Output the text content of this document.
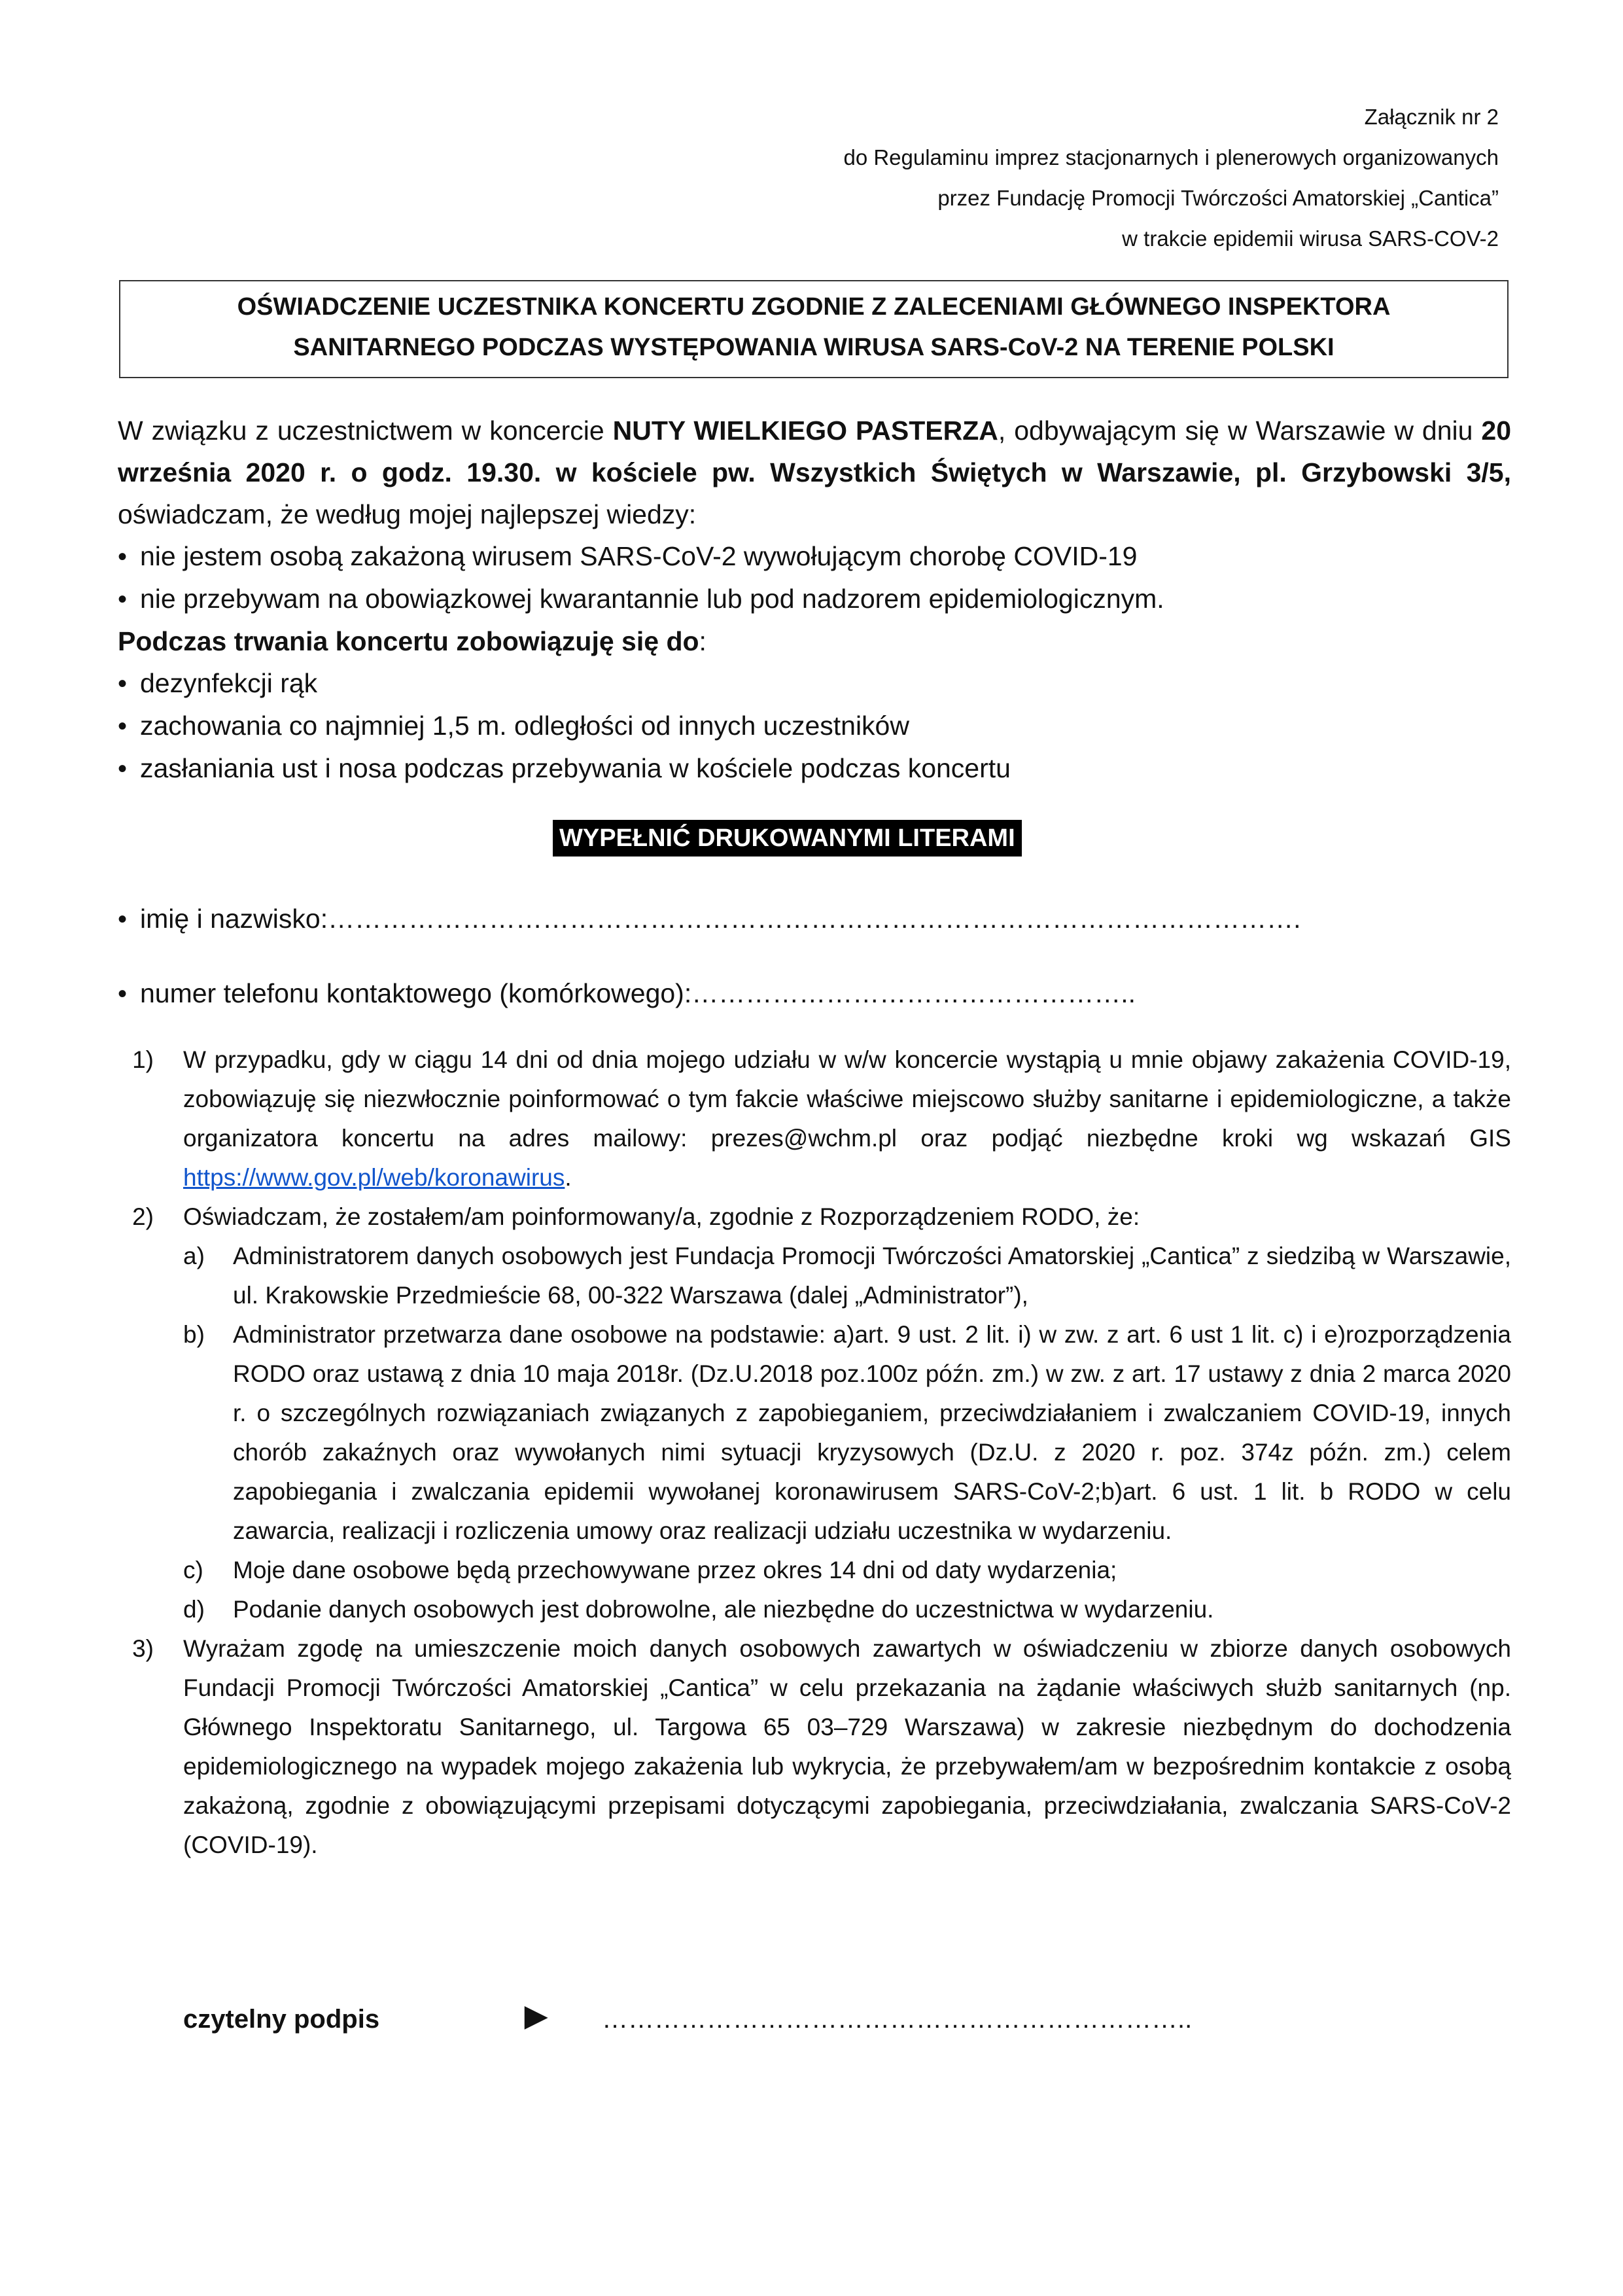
Załącznik nr 2
do Regulaminu imprez stacjonarnych i plenerowych organizowanych
przez Fundację Promocji Twórczości Amatorskiej „Cantica”
w trakcie epidemii wirusa SARS-COV-2
OŚWIADCZENIE UCZESTNIKA KONCERTU ZGODNIE Z ZALECENIAMI GŁÓWNEGO INSPEKTORA
SANITARNEGO PODCZAS WYSTĘPOWANIA WIRUSA SARS-CoV-2 NA TERENIE POLSKI

W związku z uczestnictwem w koncercie NUTY WIELKIEGO PASTERZA, odbywającym się w Warszawie w dniu 20 września 2020 r. o godz. 19.30. w kościele pw. Wszystkich Świętych w Warszawie, pl. Grzybowski 3/5, oświadczam, że według mojej najlepszej wiedzy:

• nie jestem osobą zakażoną wirusem SARS-CoV-2 wywołującym chorobę COVID-19
• nie przebywam na obowiązkowej kwarantannie lub pod nadzorem epidemiologicznym.
Podczas trwania koncertu zobowiązuję się do:
• dezynfekcji rąk
• zachowania co najmniej 1,5 m. odległości od innych uczestników
• zasłaniania ust i nosa podczas przebywania w kościele podczas koncertu
WYPEŁNIĆ DRUKOWANYMI LITERAMI
• imię i nazwisko:……………………………………………………………………………………………….
• numer telefonu kontaktowego (komórkowego):…………………………………………..
1)	W przypadku, gdy w ciągu 14 dni od dnia mojego udziału w w/w koncercie wystąpią u mnie objawy zakażenia COVID-19, zobowiązuję się niezwłocznie poinformować o tym fakcie właściwe miejscowo służby sanitarne i epidemiologiczne, a także organizatora koncertu na adres mailowy: prezes@wchm.pl oraz podjąć niezbędne kroki wg wskazań GIS https://www.gov.pl/web/koronawirus.
2)	Oświadczam, że zostałem/am poinformowany/a, zgodnie z Rozporządzeniem RODO, że:
a)	Administratorem danych osobowych jest Fundacja Promocji Twórczości Amatorskiej „Cantica” z siedzibą w Warszawie, ul. Krakowskie Przedmieście 68, 00-322 Warszawa (dalej „Administrator”),
b)	Administrator przetwarza dane osobowe na podstawie: a)art. 9 ust. 2 lit. i) w zw. z art. 6 ust 1 lit. c) i e)rozporządzenia RODO oraz ustawą z dnia 10 maja 2018r. (Dz.U.2018 poz.100z późn. zm.) w zw. z art. 17 ustawy z dnia 2 marca 2020 r. o szczególnych rozwiązaniach związanych z zapobieganiem, przeciwdziałaniem i zwalczaniem COVID-19, innych chorób zakaźnych oraz wywołanych nimi sytuacji kryzysowych (Dz.U. z 2020 r. poz. 374z późn. zm.) celem zapobiegania i zwalczania epidemii wywołanej koronawirusem SARS-CoV-2;b)art. 6 ust. 1 lit. b RODO w celu zawarcia, realizacji i rozliczenia umowy oraz realizacji udziału uczestnika w wydarzeniu.
c)	Moje dane osobowe będą przechowywane przez okres 14 dni od daty wydarzenia;
d)	Podanie danych osobowych jest dobrowolne, ale niezbędne do uczestnictwa w wydarzeniu.
3)	Wyrażam zgodę na umieszczenie moich danych osobowych zawartych w oświadczeniu w zbiorze danych osobowych Fundacji Promocji Twórczości Amatorskiej „Cantica” w celu przekazania na żądanie właściwych służb sanitarnych (np. Głównego Inspektoratu Sanitarnego, ul. Targowa 65 03–729 Warszawa) w zakresie niezbędnym do dochodzenia epidemiologicznego na wypadek mojego zakażenia lub wykrycia, że przebywałem/am w bezpośrednim kontakcie z osobą zakażoną, zgodnie z obowiązującymi przepisami dotyczącymi zapobiegania, przeciwdziałania, zwalczania SARS-CoV-2 (COVID-19).
czytelny podpis	► …………………………………………………………..
